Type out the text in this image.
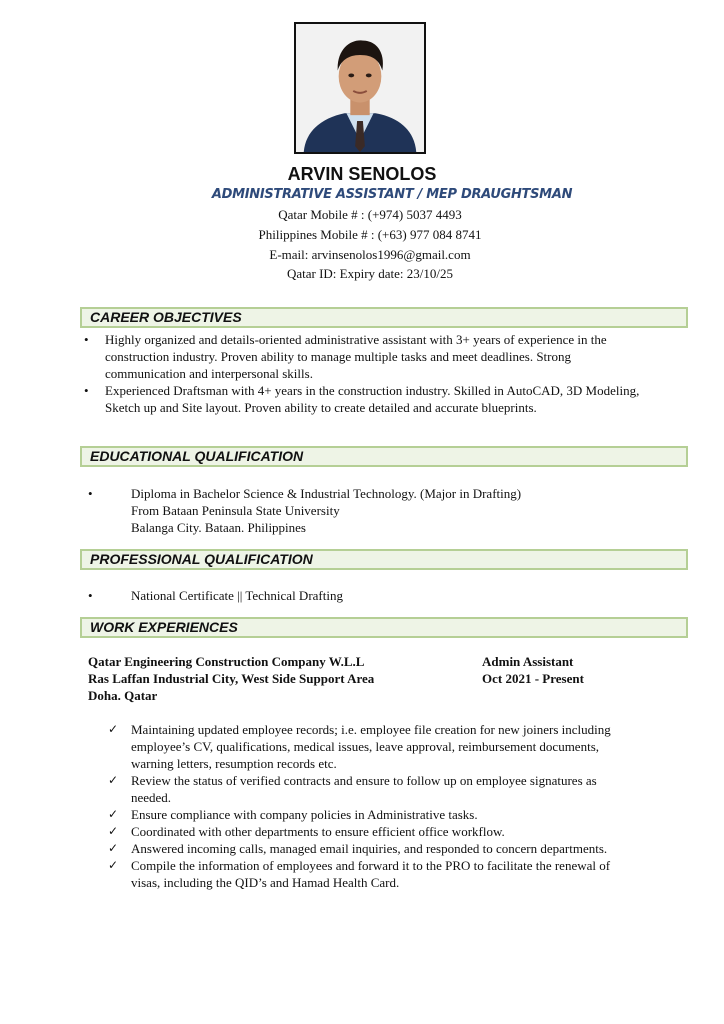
ARVIN SENOLOS
ADMINISTRATIVE ASSISTANT / MEP DRAUGHTSMAN
Qatar Mobile # : (+974) 5037 4493
Philippines Mobile # : (+63) 977 084 8741
E-mail: arvinsenolos1996@gmail.com
Qatar ID: Expiry date: 23/10/25
CAREER OBJECTIVES
• Highly organized and details-oriented administrative assistant with 3+ years of experience in the construction industry. Proven ability to manage multiple tasks and meet deadlines. Strong communication and interpersonal skills.
• Experienced Draftsman with 4+ years in the construction industry. Skilled in AutoCAD, 3D Modeling, Sketch up and Site layout. Proven ability to create detailed and accurate blueprints.
EDUCATIONAL QUALIFICATION
•	Diploma in Bachelor Science & Industrial Technology. (Major in Drafting)
From Bataan Peninsula State University
Balanga City. Bataan. Philippines
PROFESSIONAL QUALIFICATION
•	National Certificate || Technical Drafting
WORK EXPERIENCES
Qatar Engineering Construction Company W.L.L	Admin Assistant
Ras Laffan Industrial City, West Side Support Area	Oct 2021 - Present
Doha. Qatar
✓ Maintaining updated employee records; i.e. employee file creation for new joiners including employee’s CV, qualifications, medical issues, leave approval, reimbursement documents, warning letters, resumption records etc.
✓ Review the status of verified contracts and ensure to follow up on employee signatures as needed.
✓ Ensure compliance with company policies in Administrative tasks.
✓ Coordinated with other departments to ensure efficient office workflow.
✓ Answered incoming calls, managed email inquiries, and responded to concern departments.
✓ Compile the information of employees and forward it to the PRO to facilitate the renewal of visas, including the QID’s and Hamad Health Card.
